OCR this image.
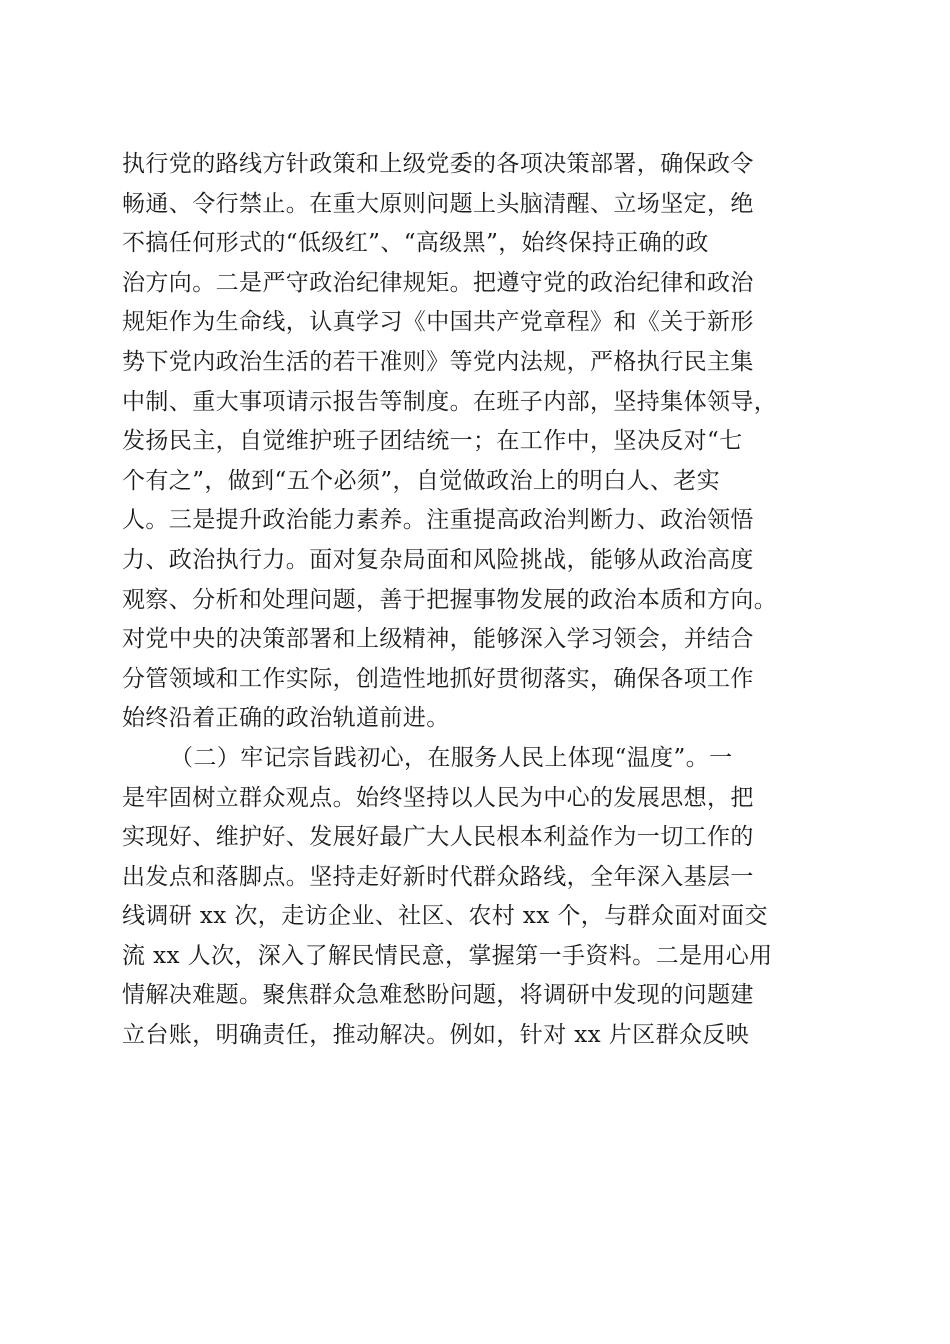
执行党的路线方针政策和上级党委的各项决策部署，确保政令
畅通、令行禁止。在重大原则问题上头脑清醒、立场坚定，绝
不搞任何形式的“低级红”、“高级黑”，始终保持正确的政
治方向。二是严守政治纪律规矩。把遵守党的政治纪律和政治
规矩作为生命线，认真学习《中国共产党章程》和《关于新形
势下党内政治生活的若干准则》等党内法规，严格执行民主集
中制、重大事项请示报告等制度。在班子内部，坚持集体领导，
发扬民主，自觉维护班子团结统一；在工作中，坚决反对“七
个有之”，做到“五个必须”，自觉做政治上的明白人、老实
人。三是提升政治能力素养。注重提高政治判断力、政治领悟
力、政治执行力。面对复杂局面和风险挑战，能够从政治高度
观察、分析和处理问题，善于把握事物发展的政治本质和方向。
对党中央的决策部署和上级精神，能够深入学习领会，并结合
分管领域和工作实际，创造性地抓好贯彻落实，确保各项工作
始终沿着正确的政治轨道前进。
（二）牢记宗旨践初心，在服务人民上体现“温度”。一
是牢固树立群众观点。始终坚持以人民为中心的发展思想，把
实现好、维护好、发展好最广大人民根本利益作为一切工作的
出发点和落脚点。坚持走好新时代群众路线，全年深入基层一
线调研 xx 次，走访企业、社区、农村 xx 个，与群众面对面交
流 xx 人次，深入了解民情民意，掌握第一手资料。二是用心用
情解决难题。聚焦群众急难愁盼问题，将调研中发现的问题建
立台账，明确责任，推动解决。例如，针对 xx 片区群众反映
